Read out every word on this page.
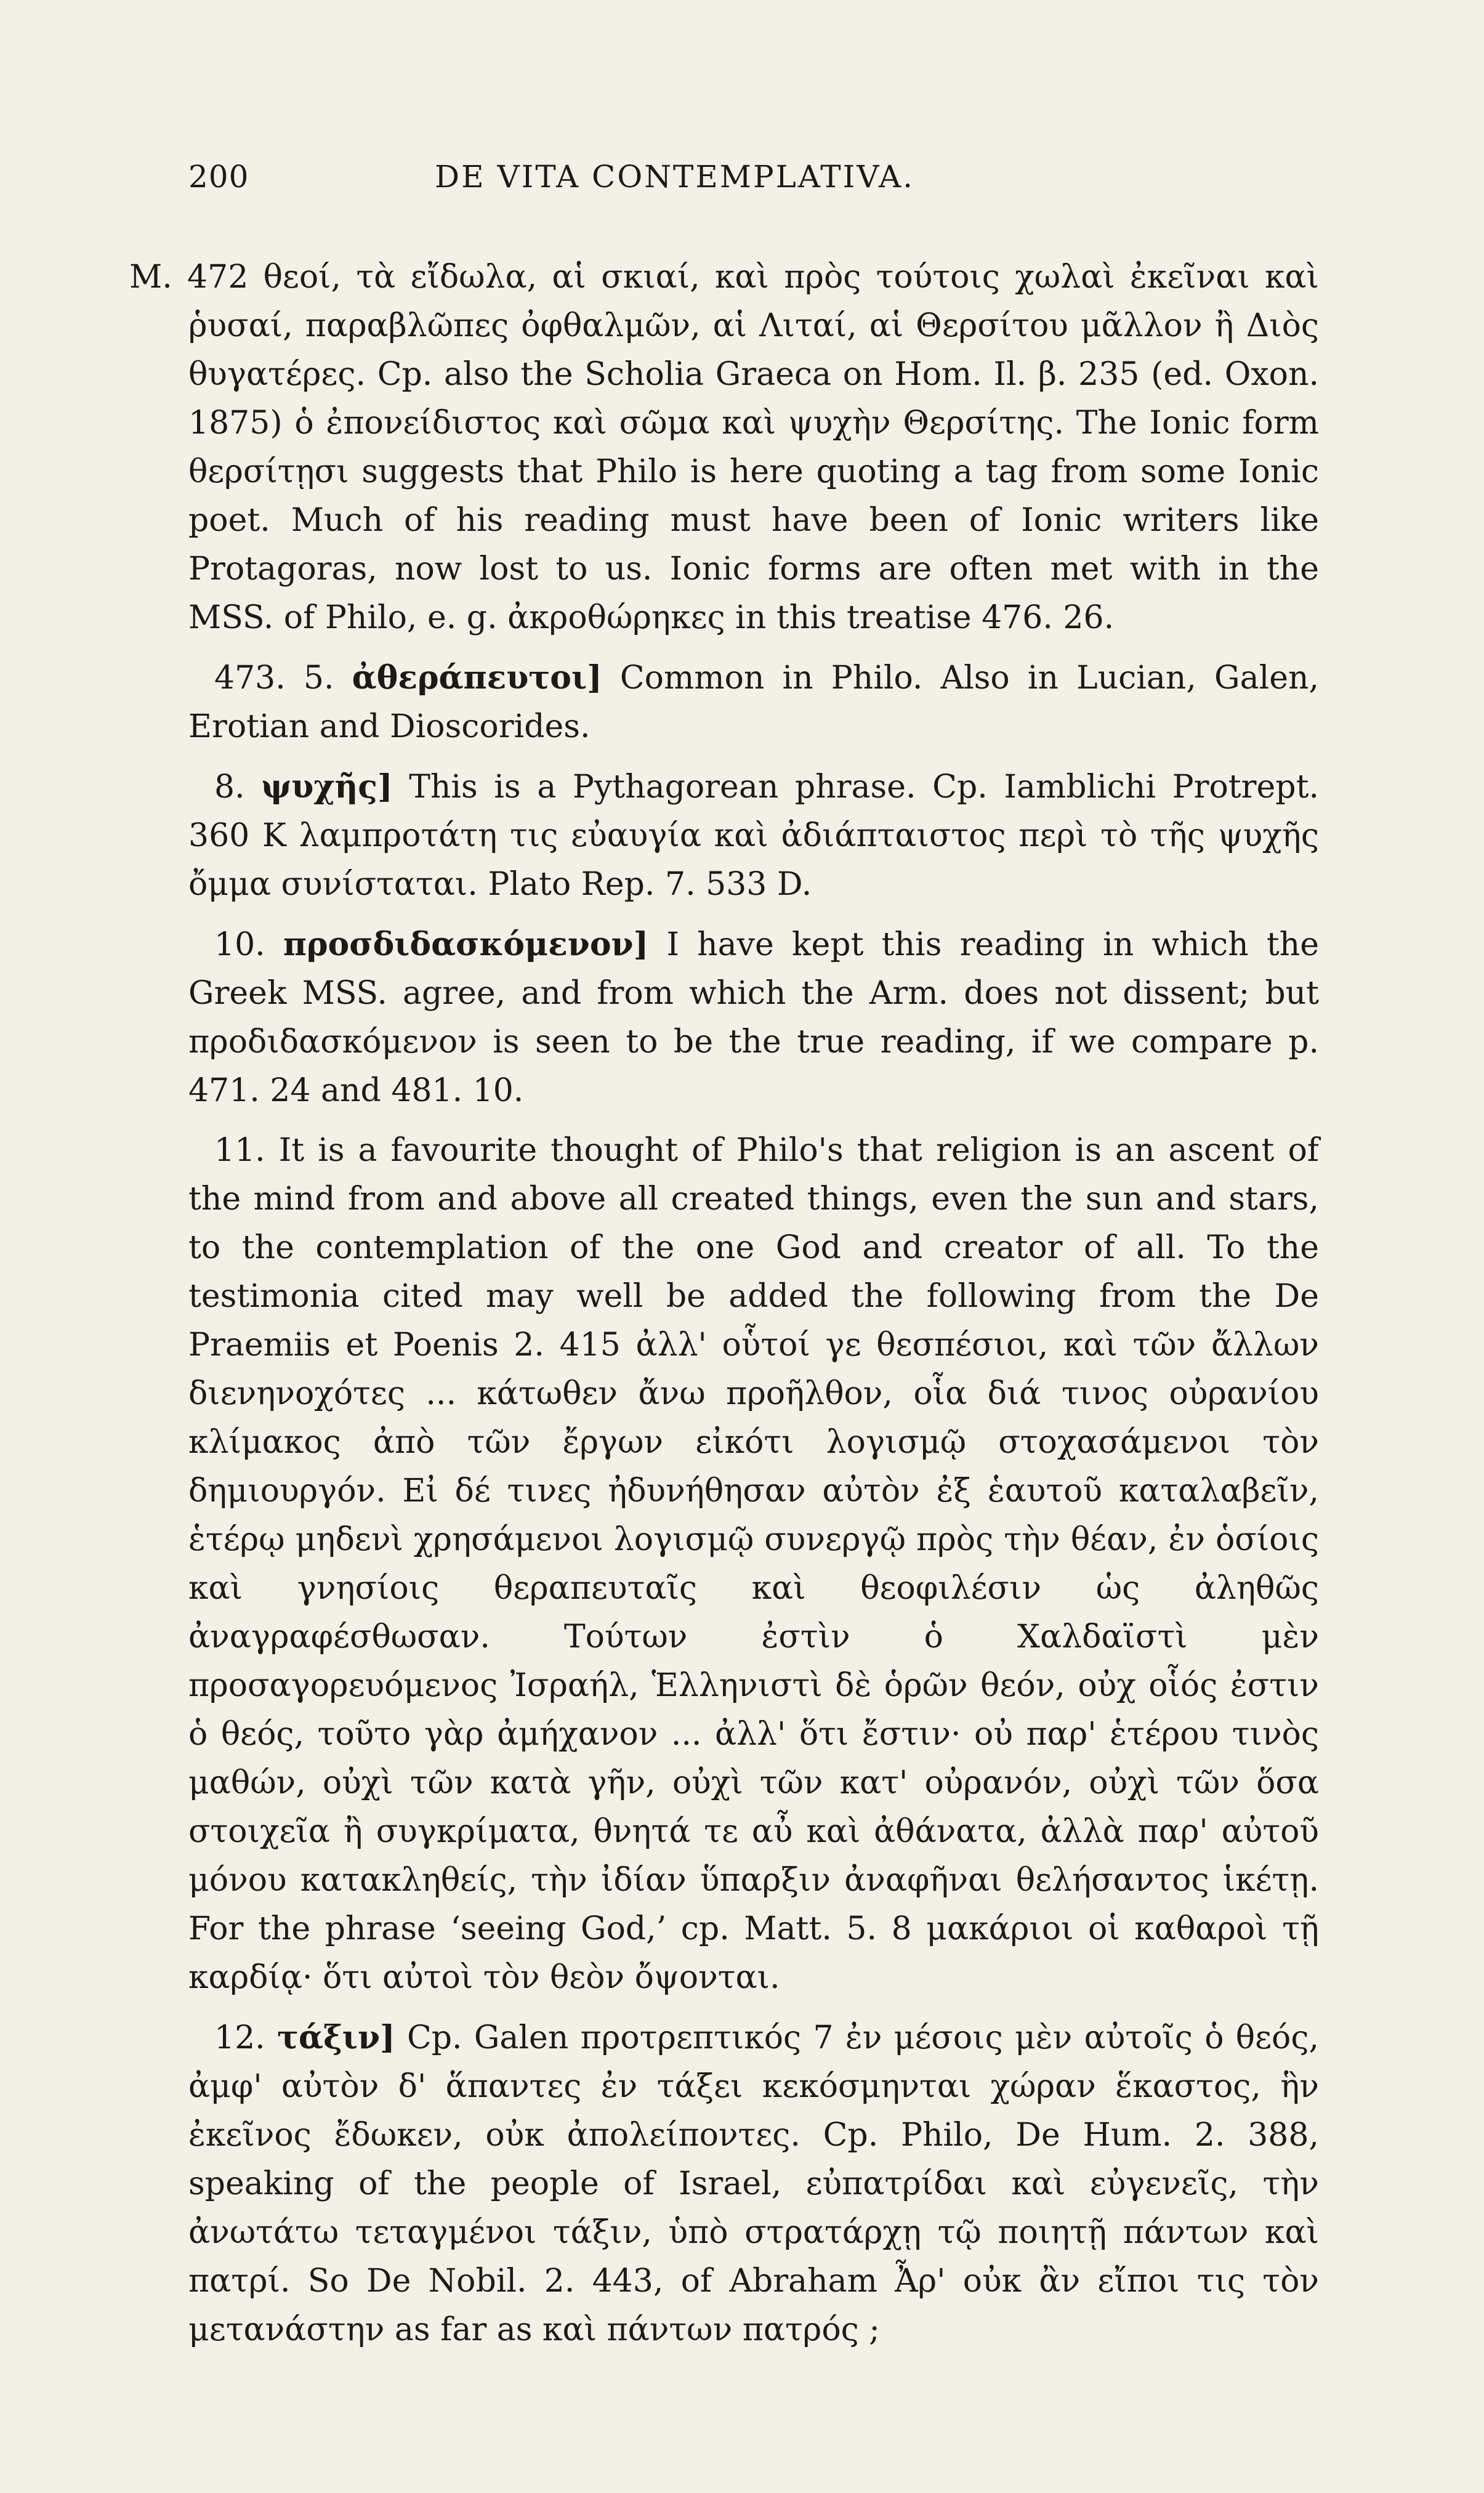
200	DE VITA CONTEMPLATIVA.

M. 472 θεοί, τὰ εἴδωλα, αἱ σκιαί, καὶ πρὸς τούτοις χωλαὶ ἐκεῖναι καὶ ῥυσαί, παραβλῶπες ὀφθαλμῶν, αἱ Λιταί, αἱ Θερσίτου μᾶλλον ἢ Διὸς θυγατέρες. Cp. also the Scholia Graeca on Hom. Il. β. 235 (ed. Oxon. 1875) ὁ ἐπονείδιστος καὶ σῶμα καὶ ψυχὴν Θερσίτης. The Ionic form θερσίτῃσι suggests that Philo is here quoting a tag from some Ionic poet. Much of his reading must have been of Ionic writers like Protagoras, now lost to us. Ionic forms are often met with in the MSS. of Philo, e. g. ἀκροθώρηκες in this treatise 476. 26.

473. 5. ἀθεράπευτοι] Common in Philo. Also in Lucian, Galen, Erotian and Dioscorides.

8. ψυχῆς] This is a Pythagorean phrase. Cp. Iamblichi Protrept. 360 K λαμπροτάτη τις εὐαυγία καὶ ἀδιάπταιστος περὶ τὸ τῆς ψυχῆς ὄμμα συνίσταται. Plato Rep. 7. 533 D.

10. προσδιδασκόμενον] I have kept this reading in which the Greek MSS. agree, and from which the Arm. does not dissent; but προδιδασκόμενον is seen to be the true reading, if we compare p. 471. 24 and 481. 10.

11. It is a favourite thought of Philo's that religion is an ascent of the mind from and above all created things, even the sun and stars, to the contemplation of the one God and creator of all. To the testimonia cited may well be added the following from the De Praemiis et Poenis 2. 415 ἀλλ' οὗτοί γε θεσπέσιοι, καὶ τῶν ἄλλων διενηνοχότες ... κάτωθεν ἄνω προῆλθον, οἷα διά τινος οὐρανίου κλίμακος ἀπὸ τῶν ἔργων εἰκότι λογισμῷ στοχασάμενοι τὸν δημιουργόν. Εἰ δέ τινες ἠδυνήθησαν αὐτὸν ἐξ ἑαυτοῦ καταλαβεῖν, ἑτέρῳ μηδενὶ χρησάμενοι λογισμῷ συνεργῷ πρὸς τὴν θέαν, ἐν ὁσίοις καὶ γνησίοις θεραπευταῖς καὶ θεοφιλέσιν ὡς ἀληθῶς ἀναγραφέσθωσαν. Τούτων ἐστὶν ὁ Χαλδαϊστὶ μὲν προσαγορευόμενος Ἰσραήλ, Ἑλληνιστὶ δὲ ὁρῶν θεόν, οὐχ οἷός ἐστιν ὁ θεός, τοῦτο γὰρ ἀμήχανον ... ἀλλ' ὅτι ἔστιν· οὐ παρ' ἑτέρου τινὸς μαθών, οὐχὶ τῶν κατὰ γῆν, οὐχὶ τῶν κατ' οὐρανόν, οὐχὶ τῶν ὅσα στοιχεῖα ἢ συγκρίματα, θνητά τε αὖ καὶ ἀθάνατα, ἀλλὰ παρ' αὐτοῦ μόνου κατακληθείς, τὴν ἰδίαν ὕπαρξιν ἀναφῆναι θελήσαντος ἱκέτῃ. For the phrase ‘seeing God,’ cp. Matt. 5. 8 μακάριοι οἱ καθαροὶ τῇ καρδίᾳ· ὅτι αὐτοὶ τὸν θεὸν ὄψονται.

12. τάξιν] Cp. Galen προτρεπτικός 7 ἐν μέσοις μὲν αὐτοῖς ὁ θεός, ἀμφ' αὐτὸν δ' ἅπαντες ἐν τάξει κεκόσμηνται χώραν ἕκαστος, ἣν ἐκεῖνος ἔδωκεν, οὐκ ἀπολείποντες. Cp. Philo, De Hum. 2. 388, speaking of the people of Israel, εὐπατρίδαι καὶ εὐγενεῖς, τὴν ἀνωτάτω τεταγμένοι τάξιν, ὑπὸ στρατάρχῃ τῷ ποιητῇ πάντων καὶ πατρί. So De Nobil. 2. 443, of Abraham Ἆρ' οὐκ ἂν εἴποι τις τὸν μετανάστην as far as καὶ πάντων πατρός ;
